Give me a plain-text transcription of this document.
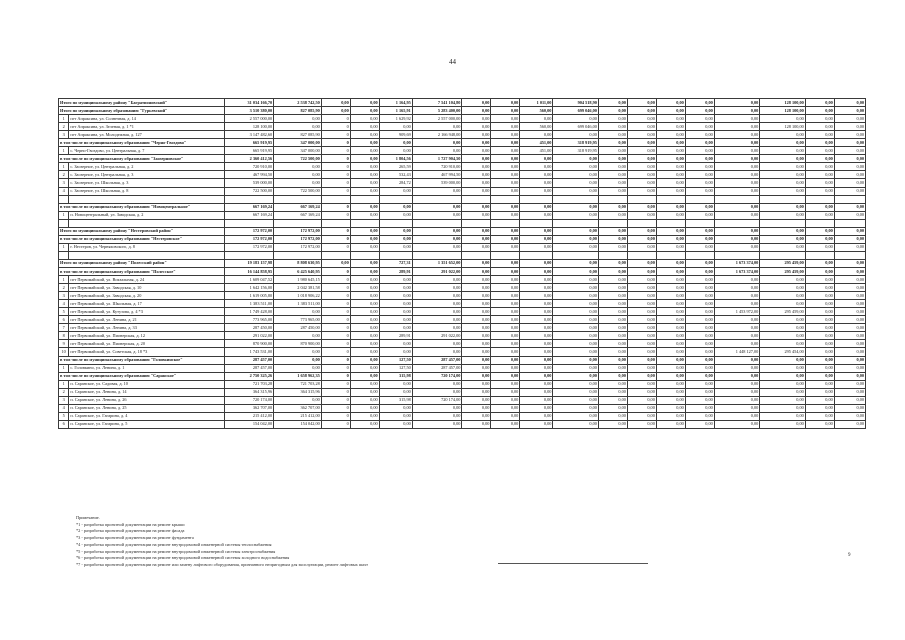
44
Итого по муниципальному району "Багратионовский"		31 034 166,70	2 538 742,50	0,00	0,00	1 164,95	7 541 104,80	0,00	0,00	1 011,00	904 518,90	0,00	0,00	0,00	0,00	0,00	128 100,00	0,00	0,00
Итого по муниципальному образованию "Гурьевский"		3 510 380,00	827 085,90	0,00	0,00	1 165,91	5 283 400,00	0,00	0,00	560,00	699 046,00	0,00	0,00	0,00	0,00	0,00	128 100,00	0,00	0,00
1	пгт Апраксина, ул. Солнечная, д. 14	2 557 000,00	0,00	0	0,00	1 629,92	2 557 000,00	0,00	0,00	0,00	0,00	0,00	0,00	0,00	0,00	0,00	0,00	0,00	0,00
2	пгт Апраксина, ул. Зеленая, д. 1 *1	128 100,00	0,00	0	0,00	0,00	0,00	0,00	0,00	560,00	699 046,00	0,00	0,00	0,00	0,00	0,00	128 100,00	0,00	0,00
3	пгт Апраксина, ул. Молодежная, д. 127	3 147 482,60	827 085,90	0	0,00	909,69	2 166 948,00	0,00	0,00	0,00	0,00	0,00	0,00	0,00	0,00	0,00	0,00	0,00	0,00
в том числе по муниципальному образованию "Черно-Гвоздово"		665 919,95	347 000,00	0	0,00	0,00	0,00	0,00	0,00	451,00	318 919,95	0,00	0,00	0,00	0,00	0,00	0,00	0,00	0,00
1	с. Черно-Гвоздово, ул. Центральная, д. 7	665 919,95	347 000,00	0	0,00	0,00	0,00	0,00	0,00	451,00	318 919,95	0,00	0,00	0,00	0,00	0,00	0,00	0,00	0,00
в том числе по муниципальному образованию "Заозерновское"		2 360 412,56	722 500,00	0	0,00	1 804,56	1 727 904,50	0,00	0,00	0,00	0,00	0,00	0,00	0,00	0,00	0,00	0,00	0,00	0,00
1	с. Заозерное, ул. Центральная, д. 2	720 910,00	0,00	0	0,00	265,59	720 910,00	0,00	0,00	0,00	0,00	0,00	0,00	0,00	0,00	0,00	0,00	0,00	0,00
2	с. Заозерное, ул. Центральная, д. 3	467 994,50	0,00	0	0,00	532,43	467 994,50	0,00	0,00	0,00	0,00	0,00	0,00	0,00	0,00	0,00	0,00	0,00	0,00
3	с. Заозерное, ул. Школьная, д. 3	539 000,00	0,00	0	0,00	284,72	539 000,00	0,00	0,00	0,00	0,00	0,00	0,00	0,00	0,00	0,00	0,00	0,00	0,00
4	с. Заозерное, ул. Школьная, д. 8	722 500,00	722 500,00	0	0,00	0,00	0,00	0,00	0,00	0,00	0,00	0,00	0,00	0,00	0,00	0,00	0,00	0,00	0,00

в том числе по муниципальному образованию "Новоцентральное"		667 169,24	667 169,24	0	0,00	0,00	0,00	0,00	0,00	0,00	0,00	0,00	0,00	0,00	0,00	0,00	0,00	0,00	0,00
1	п. Новоцентральный, ул. Заводская, д. 2	667 169,24	667 169,24	0	0,00	0,00	0,00	0,00	0,00	0,00	0,00	0,00	0,00	0,00	0,00	0,00	0,00	0,00	0,00

Итого по муниципальному району "Нестеровский район"		172 972,00	172 972,00	0	0,00	0,00	0,00	0,00	0,00	0,00	0,00	0,00	0,00	0,00	0,00	0,00	0,00	0,00	0,00
в том числе по муниципальному образованию "Нестеровское"		172 972,00	172 972,00	0	0,00	0,00	0,00	0,00	0,00	0,00	0,00	0,00	0,00	0,00	0,00	0,00	0,00	0,00	0,00
1	г. Нестеров, ул. Черняховского, д. 8	172 972,00	172 972,00	0	0,00	0,00	0,00	0,00	0,00	0,00	0,00	0,00	0,00	0,00	0,00	0,00	0,00	0,00	0,00

Итого по муниципальному району "Полесский район"		19 183 157,98	8 808 630,95	0,00	0,00	727,31	1 351 652,00	0,00	0,00	0,00	0,00	0,00	0,00	0,00	0,00	1 673 374,00	295 459,00	0,00	0,00
в том числе по муниципальному образованию "Полесское"		16 144 858,95	6 425 640,95	0	0,00	289,91	291 022,00	0,00	0,00	0,00	0,00	0,00	0,00	0,00	0,00	1 673 374,00	295 459,00	0,00	0,00
1	пгт Первомайский, ул. Вокзальная, д. 24	1 609 047,52	1 980 645,15	0	0,00	0,00	0,00	0,00	0,00	0,00	0,00	0,00	0,00	0,00	0,00	0,00	0,00	0,00	0,00
2	пгт Первомайский, ул. Заводская, д. 10	1 642 156,00	2 042 381,58	0	0,00	0,00	0,00	0,00	0,00	0,00	0,00	0,00	0,00	0,00	0,00	0,00	0,00	0,00	0,00
3	пгт Первомайский, ул. Заводская, д. 20	1 619 005,80	1 018 906,22	0	0,00	0,00	0,00	0,00	0,00	0,00	0,00	0,00	0,00	0,00	0,00	0,00	0,00	0,00	0,00
4	пгт Первомайский, ул. Школьная, д. 17	1 383 511,00	1 383 511,00	0	0,00	0,00	0,00	0,00	0,00	0,00	0,00	0,00	0,00	0,00	0,00	0,00	0,00	0,00	0,00
5	пгт Первомайский, ул. Кутузова, д. 4 *3	1 749 428,00	0,00	0	0,00	0,00	0,00	0,00	0,00	0,00	0,00	0,00	0,00	0,00	0,00	1 453 972,00	295 459,00	0,00	0,00
6	пгт Первомайский, ул. Ленина, д. 21	773 965,00	773 965,00	0	0,00	0,00	0,00	0,00	0,00	0,00	0,00	0,00	0,00	0,00	0,00	0,00	0,00	0,00	0,00
7	пгт Первомайский, ул. Ленина, д. 33	287 450,00	287 450,00	0	0,00	0,00	0,00	0,00	0,00	0,00	0,00	0,00	0,00	0,00	0,00	0,00	0,00	0,00	0,00
8	пгт Первомайский, ул. Пионерская, д. 12	291 022,00	0,00	0	0,00	289,91	291 022,00	0,00	0,00	0,00	0,00	0,00	0,00	0,00	0,00	0,00	0,00	0,00	0,00
9	пгт Первомайский, ул. Пионерская, д. 20	870 900,00	870 900,00	0	0,00	0,00	0,00	0,00	0,00	0,00	0,00	0,00	0,00	0,00	0,00	0,00	0,00	0,00	0,00
10	пгт Первомайский, ул. Советская, д. 18 *3	1 743 531,00	0,00	0	0,00	0,00	0,00	0,00	0,00	0,00	0,00	0,00	0,00	0,00	0,00	1 448 127,00	295 454,00	0,00	0,00
в том числе по муниципальному образованию "Головкинское"		287 457,00	0,00	0	0,00	127,50	287 457,00	0,00	0,00	0,00	0,00	0,00	0,00	0,00	0,00	0,00	0,00	0,00	0,00
1	с. Головкино, ул. Ленина, д. 1	287 457,00	0,00	0	0,00	127,50	287 457,00	0,00	0,00	0,00	0,00	0,00	0,00	0,00	0,00	0,00	0,00	0,00	0,00
в том числе по муниципальному образованию "Саранское"		2 750 325,26	1 658 962,35	0	0,00	315,98	720 174,00	0,00	0,00	0,00	0,00	0,00	0,00	0,00	0,00	0,00	0,00	0,00	0,00
1	п. Саранское, ул. Садовая, д. 10	721 703,28	721 703,28	0	0,00	0,00	0,00	0,00	0,00	0,00	0,00	0,00	0,00	0,00	0,00	0,00	0,00	0,00	0,00
2	п. Саранское, ул. Ленина, д. 14	364 315,96	364 315,96	0	0,00	0,00	0,00	0,00	0,00	0,00	0,00	0,00	0,00	0,00	0,00	0,00	0,00	0,00	0,00
3	п. Саранское, ул. Ленина, д. 26	720 174,00	0,00	0	0,00	315,98	720 174,00	0,00	0,00	0,00	0,00	0,00	0,00	0,00	0,00	0,00	0,00	0,00	0,00
4	п. Саранское, ул. Ленина, д. 25	362 707,00	362 707,00	0	0,00	0,00	0,00	0,00	0,00	0,00	0,00	0,00	0,00	0,00	0,00	0,00	0,00	0,00	0,00
5	п. Саранское, ул. Гагарина, д. 4	215 412,00	215 412,00	0	0,00	0,00	0,00	0,00	0,00	0,00	0,00	0,00	0,00	0,00	0,00	0,00	0,00	0,00	0,00
6	п. Саранское, ул. Гагарина, д. 5	154 042,00	154 042,00	0	0,00	0,00	0,00	0,00	0,00	0,00	0,00	0,00	0,00	0,00	0,00	0,00	0,00	0,00	0,00
Примечание.
*1 - разработка проектной документации на ремонт крыши
*2 - разработка проектной документации на ремонт фасада
*3 - разработка проектной документации на ремонт фундамента
*4 - разработка проектной документации на ремонт внутридомовой инженерной системы теплоснабжения
*5 - разработка проектной документации на ремонт внутридомовой инженерной системы электроснабжения
*6 - разработка проектной документации на ремонт внутридомовой инженерной системы холодного водоснабжения
*7 - разработка проектной документации на ремонт или замену лифтового оборудования, признанного непригодным для эксплуатации, ремонт лифтовых шахт
9
